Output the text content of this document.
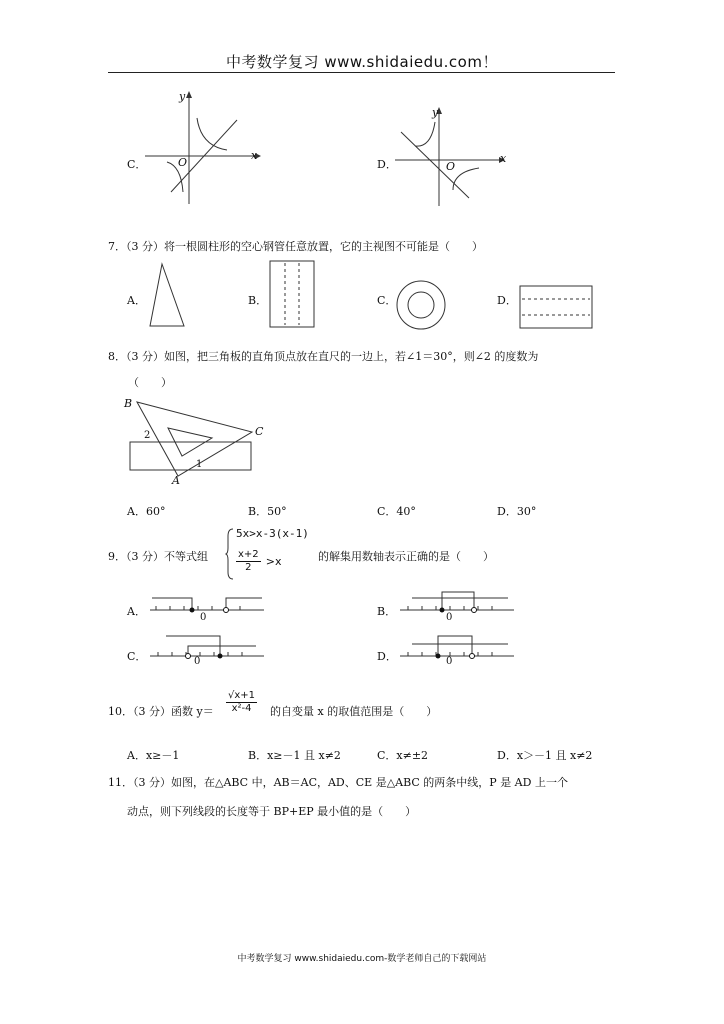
中考数学复习 www.shidaiedu.com！
C．
y
x
O	D．
y
x
O
7．（3 分）将一根圆柱形的空心钢管任意放置，它的主视图不可能是（　　）
A．	B．	C．	D．
8．（3 分）如图，把三角板的直角顶点放在直尺的一边上，若∠1＝30°，则∠2 的度数为
（　　）
B
C
A
2
1
A．60°	B．50°	C．40°	D．30°
9．（3 分）不等式组
5x>x-3(x-1)
$\frac{x+2}{2} >x$	的解集用数轴表示正确的是（　　）
A．	0	B．	0
C．	0	D．	0
10．（3 分）函数 $y= \frac{√x+1}{\text{x²-4}}$ 的自变量 x 的取值范围是（　　）
A．x≥－1	B．x≥－1 且 x≠2	C．x≠±2	D．x＞－1 且 x≠2
11．（3 分）如图，在△ABC 中，AB＝AC，AD、CE 是△ABC 的两条中线，P 是 AD 上一个
动点，则下列线段的长度等于 BP+EP 最小值的是（　　）
中考数学复习 www.shidaiedu.com-数学老师自己的下载网站
